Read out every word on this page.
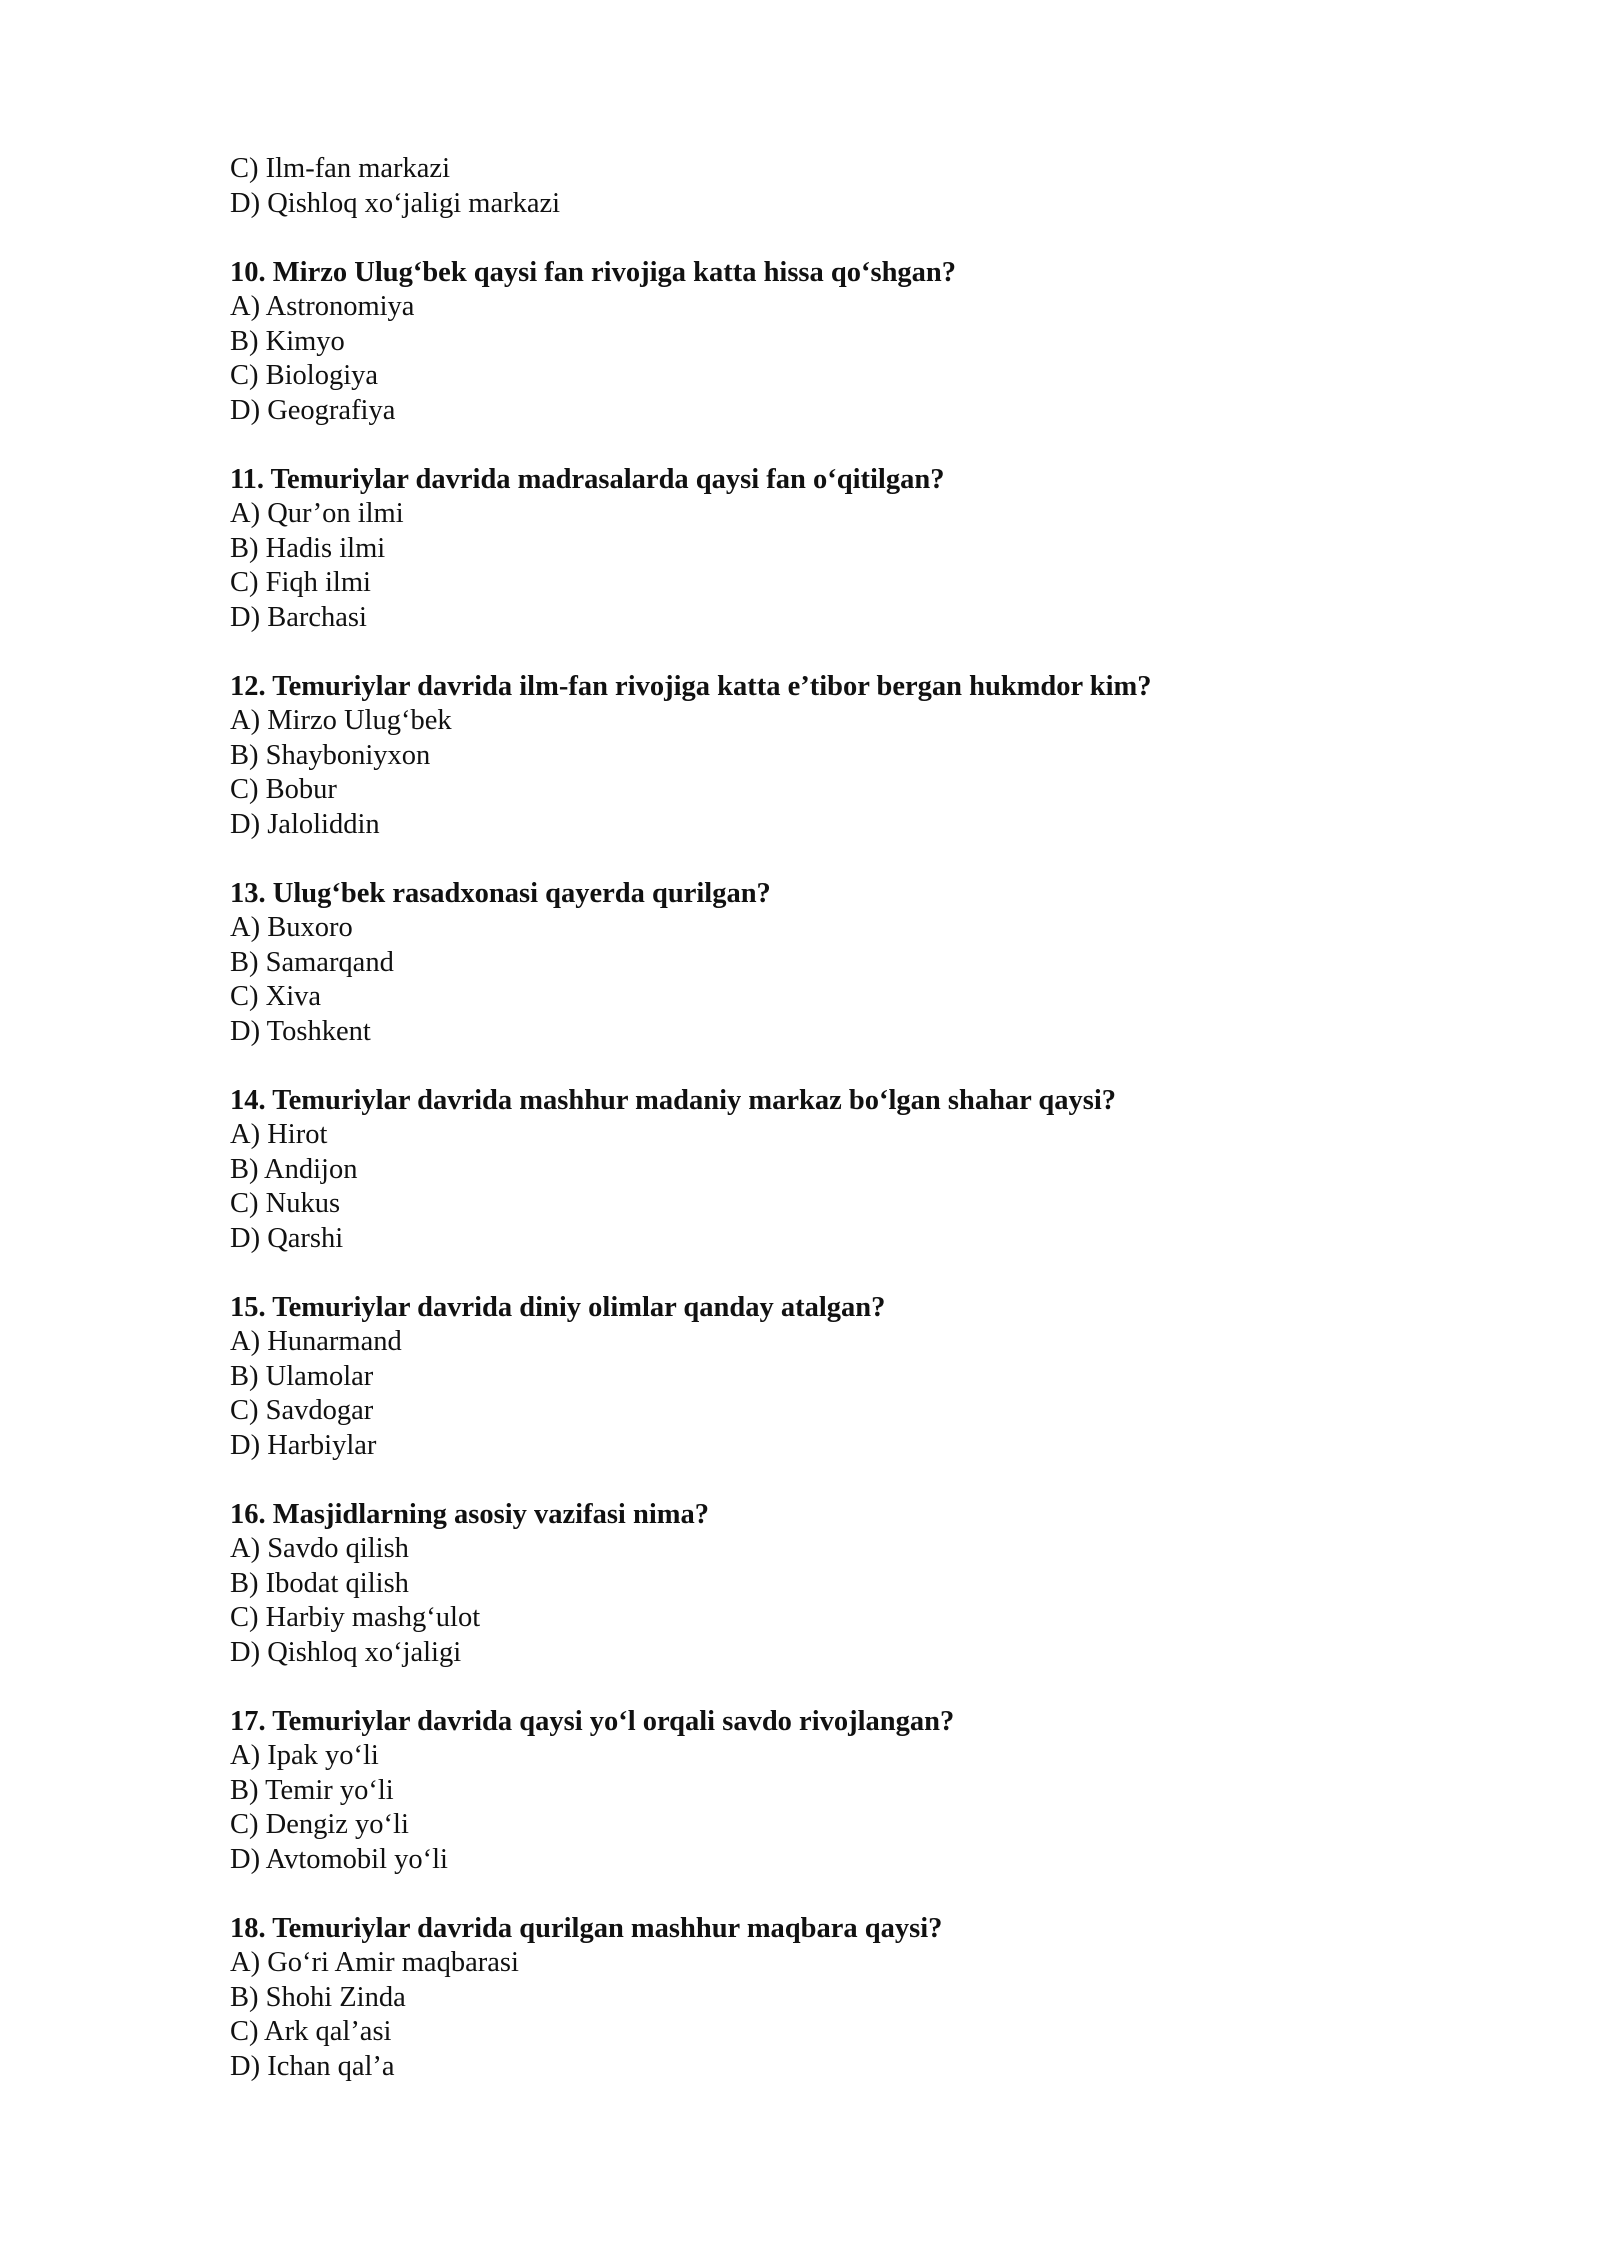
C) Ilm-fan markazi
D) Qishloq xo‘jaligi markazi
10. Mirzo Ulug‘bek qaysi fan rivojiga katta hissa qo‘shgan?
A) Astronomiya
B) Kimyo
C) Biologiya
D) Geografiya
11. Temuriylar davrida madrasalarda qaysi fan o‘qitilgan?
A) Qur’on ilmi
B) Hadis ilmi
C) Fiqh ilmi
D) Barchasi
12. Temuriylar davrida ilm-fan rivojiga katta e’tibor bergan hukmdor kim?
A) Mirzo Ulug‘bek
B) Shayboniyxon
C) Bobur
D) Jaloliddin
13. Ulug‘bek rasadxonasi qayerda qurilgan?
A) Buxoro
B) Samarqand
C) Xiva
D) Toshkent
14. Temuriylar davrida mashhur madaniy markaz bo‘lgan shahar qaysi?
A) Hirot
B) Andijon
C) Nukus
D) Qarshi
15. Temuriylar davrida diniy olimlar qanday atalgan?
A) Hunarmand
B) Ulamolar
C) Savdogar
D) Harbiylar
16. Masjidlarning asosiy vazifasi nima?
A) Savdo qilish
B) Ibodat qilish
C) Harbiy mashg‘ulot
D) Qishloq xo‘jaligi
17. Temuriylar davrida qaysi yo‘l orqali savdo rivojlangan?
A) Ipak yo‘li
B) Temir yo‘li
C) Dengiz yo‘li
D) Avtomobil yo‘li
18. Temuriylar davrida qurilgan mashhur maqbara qaysi?
A) Go‘ri Amir maqbarasi
B) Shohi Zinda
C) Ark qal’asi
D) Ichan qal’a
